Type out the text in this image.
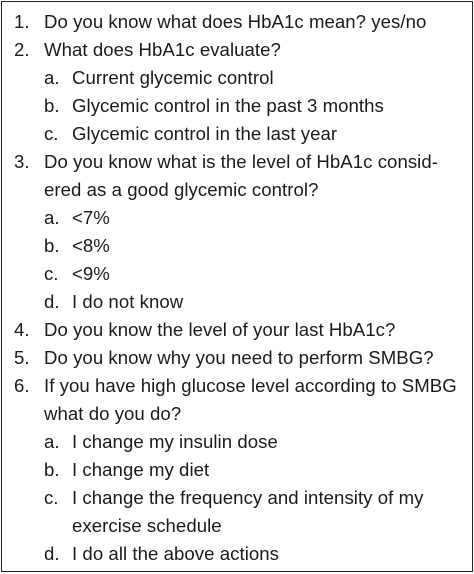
1. Do you know what does HbA1c mean? yes/no
2. What does HbA1c evaluate?
a. Current glycemic control
b. Glycemic control in the past 3 months
c. Glycemic control in the last year
3. Do you know what is the level of HbA1c consid-
ered as a good glycemic control?
a. <7%
b. <8%
c. <9%
d. I do not know
4. Do you know the level of your last HbA1c?
5. Do you know why you need to perform SMBG?
6. If you have high glucose level according to SMBG
what do you do?
a. I change my insulin dose
b. I change my diet
c. I change the frequency and intensity of my
exercise schedule
d. I do all the above actions
